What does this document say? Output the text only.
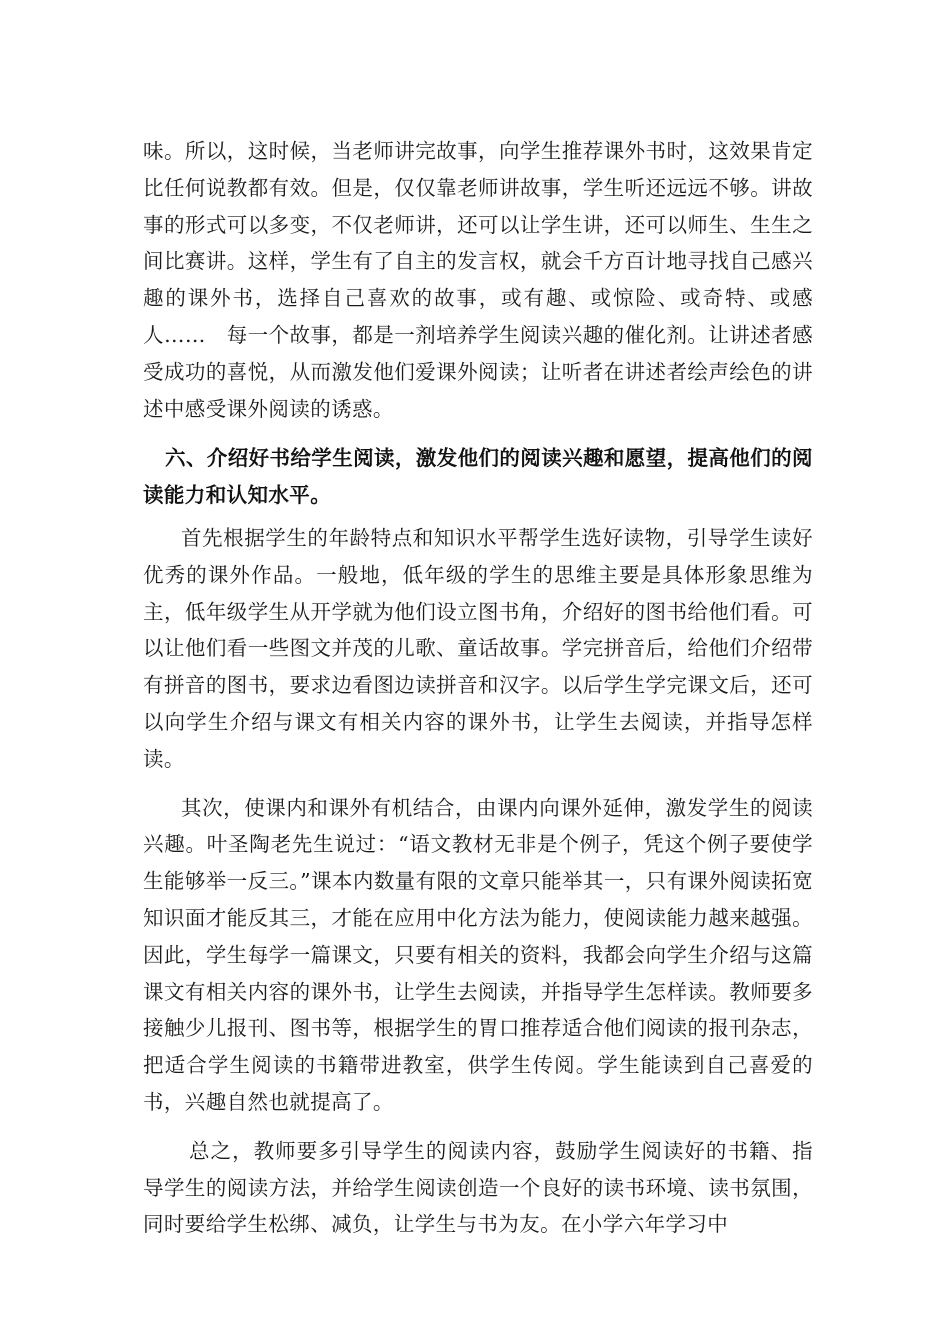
味。所以，这时候，当老师讲完故事，向学生推荐课外书时，这效果肯定比任何说教都有效。但是，仅仅靠老师讲故事，学生听还远远不够。讲故事的形式可以多变，不仅老师讲，还可以让学生讲，还可以师生、生生之间比赛讲。这样，学生有了自主的发言权，就会千方百计地寻找自己感兴趣的课外书，选择自己喜欢的故事，或有趣、或惊险、或奇特、或感人……　每一个故事，都是一剂培养学生阅读兴趣的催化剂。让讲述者感受成功的喜悦，从而激发他们爱课外阅读；让听者在讲述者绘声绘色的讲述中感受课外阅读的诱惑。

六、介绍好书给学生阅读，激发他们的阅读兴趣和愿望，提高他们的阅读能力和认知水平。

首先根据学生的年龄特点和知识水平帮学生选好读物，引导学生读好优秀的课外作品。一般地，低年级的学生的思维主要是具体形象思维为主，低年级学生从开学就为他们设立图书角，介绍好的图书给他们看。可以让他们看一些图文并茂的儿歌、童话故事。学完拼音后，给他们介绍带有拼音的图书，要求边看图边读拼音和汉字。以后学生学完课文后，还可以向学生介绍与课文有相关内容的课外书，让学生去阅读，并指导怎样读。

其次，使课内和课外有机结合，由课内向课外延伸，激发学生的阅读兴趣。叶圣陶老先生说过：“语文教材无非是个例子，凭这个例子要使学生能够举一反三。”课本内数量有限的文章只能举其一，只有课外阅读拓宽知识面才能反其三，才能在应用中化方法为能力，使阅读能力越来越强。因此，学生每学一篇课文，只要有相关的资料，我都会向学生介绍与这篇课文有相关内容的课外书，让学生去阅读，并指导学生怎样读。教师要多接触少儿报刊、图书等，根据学生的胃口推荐适合他们阅读的报刊杂志，把适合学生阅读的书籍带进教室，供学生传阅。学生能读到自己喜爱的书，兴趣自然也就提高了。

总之，教师要多引导学生的阅读内容，鼓励学生阅读好的书籍、指导学生的阅读方法，并给学生阅读创造一个良好的读书环境、读书氛围，同时要给学生松绑、减负，让学生与书为友。在小学六年学习中
